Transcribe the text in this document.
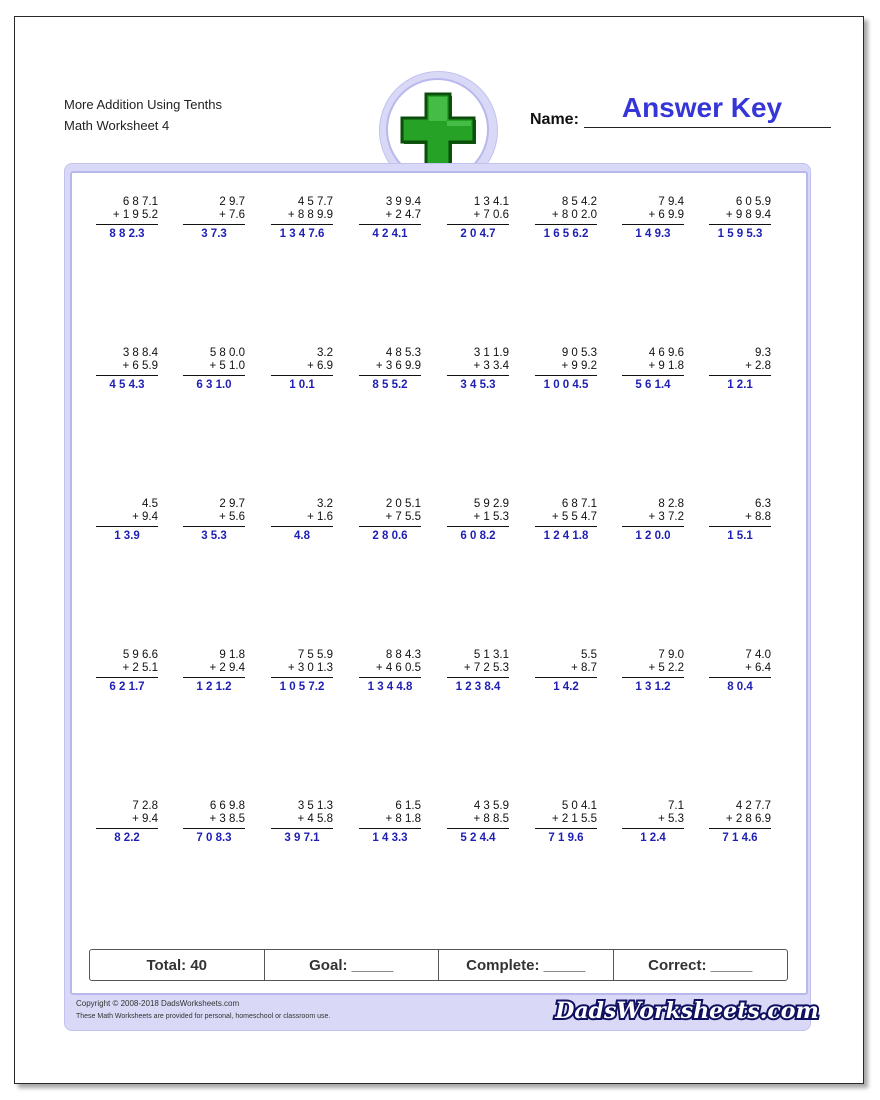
More Addition Using Tenths
Math Worksheet 4	Name:	Answer Key
6 8 7.1
+ 1 9 5.2
8 8 2.3
2 9.7
+ 7.6
3 7.3
4 5 7.7
+ 8 8 9.9
1 3 4 7.6
3 9 9.4
+ 2 4.7
4 2 4.1
1 3 4.1
+ 7 0.6
2 0 4.7
8 5 4.2
+ 8 0 2.0
1 6 5 6.2
7 9.4
+ 6 9.9
1 4 9.3
6 0 5.9
+ 9 8 9.4
1 5 9 5.3
3 8 8.4
+ 6 5.9
4 5 4.3
5 8 0.0
+ 5 1.0
6 3 1.0
3.2
+ 6.9
1 0.1
4 8 5.3
+ 3 6 9.9
8 5 5.2
3 1 1.9
+ 3 3.4
3 4 5.3
9 0 5.3
+ 9 9.2
1 0 0 4.5
4 6 9.6
+ 9 1.8
5 6 1.4
9.3
+ 2.8
1 2.1
4.5
+ 9.4
1 3.9
2 9.7
+ 5.6
3 5.3
3.2
+ 1.6
4.8
2 0 5.1
+ 7 5.5
2 8 0.6
5 9 2.9
+ 1 5.3
6 0 8.2
6 8 7.1
+ 5 5 4.7
1 2 4 1.8
8 2.8
+ 3 7.2
1 2 0.0
6.3
+ 8.8
1 5.1
5 9 6.6
+ 2 5.1
6 2 1.7
9 1.8
+ 2 9.4
1 2 1.2
7 5 5.9
+ 3 0 1.3
1 0 5 7.2
8 8 4.3
+ 4 6 0.5
1 3 4 4.8
5 1 3.1
+ 7 2 5.3
1 2 3 8.4
5.5
+ 8.7
1 4.2
7 9.0
+ 5 2.2
1 3 1.2
7 4.0
+ 6.4
8 0.4
7 2.8
+ 9.4
8 2.2
6 6 9.8
+ 3 8.5
7 0 8.3
3 5 1.3
+ 4 5.8
3 9 7.1
6 1.5
+ 8 1.8
1 4 3.3
4 3 5.9
+ 8 8.5
5 2 4.4
5 0 4.1
+ 2 1 5.5
7 1 9.6
7.1
+ 5.3
1 2.4
4 2 7.7
+ 2 8 6.9
7 1 4.6
Total: 40	Goal: _____	Complete: _____	Correct: _____
Copyright © 2008-2018 DadsWorksheets.com
These Math Worksheets are provided for personal, homeschool or classroom use.	DadsWorksheets.com
